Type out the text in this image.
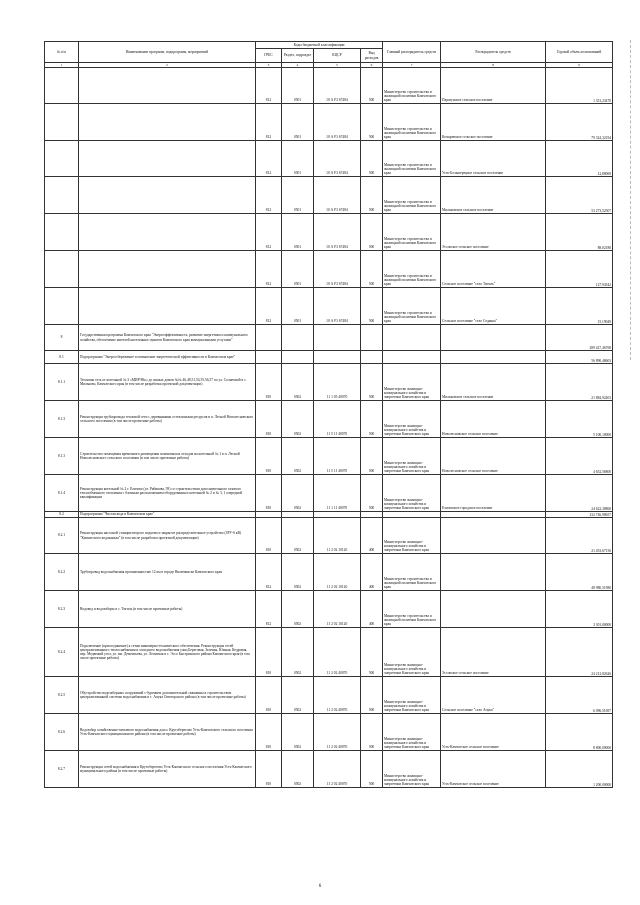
№ п/п	Наименование программ, подпрограмм, мероприятий	Коды бюджетной классификации				Главный распорядитель средств	Распорядитель средств	Годовой объем ассигнований
		ГРБС	Раздел, подраздел	КЦСР	Вид расходов			
1	2	3	4	5	6	7	8	9
		812	0501	10 А F3 67484	500	Министерство строительства и жилищной политики Камчатского края	Паратунское сельское поселение	1 351,23470
		812	0501	10 А F3 67484	500	Министерство строительства и жилищной политики Камчатского края	Козыревское сельское поселение	79 324,32194
		812	0501	10 А F3 67484	500	Министерство строительства и жилищной политики Камчатского края	Усть-Большерецкое сельское поселение	12,88069
		812	0501	10 А F3 67484	500	Министерство строительства и жилищной политики Камчатского края	Мильковское сельское поселение	53 273,52507
		812	0501	10 А F3 67484	500	Министерство строительства и жилищной политики Камчатского края	Эссовское сельское поселение	88,02180
		812	0501	10 А F3 67484	500	Министерство строительства и жилищной политики Камчатского края	Сельское поселение "село Тигиль"	127,94542
		812	0501	10 А F3 67484	500	Министерство строительства и жилищной политики Камчатского края	Сельское поселение "село Седанка"	15,19049
8	Государственная программа Камчатского края "Энергоэффективность, развитие энергетики и коммунального хозяйства, обеспечение жителей населенных пунктов Камчатского края коммунальными услугами"							289 427,46768
8.1	Подпрограмма "Энергосбережение и повышение энергетической эффективности в Камчатском крае"							56 890,48603
8.1.1	Тепловая сеть от котельной № 3 «МИРЭКо» до жилых домов №№ 46,48,51,54,55,56,57 по ул. Солнечной в с. Мильково, Камчатского края (в том числе разработка проектной документации)	810	0502	11 1 05 40070	500	Министерство жилищно-коммунального хозяйства и энергетики Камчатского края	Мильковское сельское поселение	21 884,92403
8.1.3	Реконструкция трубопровода тепловой сети с деревянными остеклоными ресурсов в п. Лесной Новолесновского сельского поселения (в том числе проектные работы)	810	0502	11 5 11 40070	500	Министерство жилищно-коммунального хозяйства и энергетики Камчатского края	Новолесновское сельское поселение	5 100,10000
8.1.3	Строительство помещения временного размещения шламовыхых отходов на котельной № 1 в п. Лесной Новолесновского сельского поселения (в том числе проектные работы)	810	0502	11 5 11 40070	500	Министерство жилищно-коммунального хозяйства и энергетики Камчатского края	Новолесновское сельское поселение	4 652,56800
8.1.4	Реконструкция котельной № 2 г. Елизово (ул. Рябикова, 59) со строительством дополнительного газового теплообменного отопления с блочным расположением оборудования и котельной № 2 и № 3, 1 очередной квалификации	810	0502	11 1 11 40070	500	Министерство жилищно-коммунального хозяйства и энергетики Камчатского края	Елизовское городское поселение	24 622,38860
8.2	Подпрограмма "Чистая вода в Камчатском крае"							232 746,98657
8.2.1	Реконструкция насосной станции второго подъема и закрытое распределительное устройство (ЗРУ-6 кВ) "Камчатского водоканала" (в том числе разработка проектной документации)	810	0502	11 2 02 10120	400	Министерство жилищно-коммунального хозяйства и энергетики Камчатского края		21 453,67156
8.2.2	Трубопровод водоснабжения протяженностью 12 км в городе Вилючинске Камчатского края	812	0502	11 2 02 10120	400	Министерство строительства и жилищной политики Камчатского края		48 980,51980
8.2.3	Водовод и водозаборы в с. Тигиль (в том числе проектные работы)	812	0502	11 2 02 10120	400	Министерство строительства и жилищной политики Камчатского края		3 301,00000
8.2.4	Подключение (присоединение) к сетям инженерно-технического обеспечения. Реконструкция сетей централизованного теплоснабжения и холодного водоснабжения улиц Береговая, Зеленая, Южная, Кедровая, пер. Медвежий угол, ул. им. Дементьева, ул. Лесничая в с. Эссо Быстринского района Камчатского края (в том числе проектные работы)	810	0502	11 2 02 40070	500	Министерство жилищно-коммунального хозяйства и энергетики Камчатского края	Эссовское сельское поселение	24 212,82626
8.2.5	Обустройство водозаборных сооружений с бурением дополнительной скважины в строительством централизованной системы водоснабжения в с. Апука Олюторского района (в том числе проектные работы)	810	0502	11 2 02 40070	500	Министерство жилищно-коммунального хозяйства и энергетики Камчатского края	Сельское поселение "село Апука"	6 096,51697
8.2.6	Водозабор хозяйственно-питьевого водоснабжения для п. Крутоберегово Усть-Камчатского сельского поселения Усть-Камчатского муниципального района (в том числе проектные работы)	810	0502	11 2 02 40070	500	Министерство жилищно-коммунального хозяйства и энергетики Камчатского края	Усть-Камчатское сельское поселение	8 800,00000
8.2.7	Реконструкция сетей водоснабжения в Крутоберегово Усть-Камчатского сельского поселения Усть-Камчатского муниципального района (в том числе проектные работы)	810	0502	11 2 02 40070	500	Министерство жилищно-коммунального хозяйства и энергетики Камчатского края	Усть-Камчатское сельское поселение	1 200,00000
6
